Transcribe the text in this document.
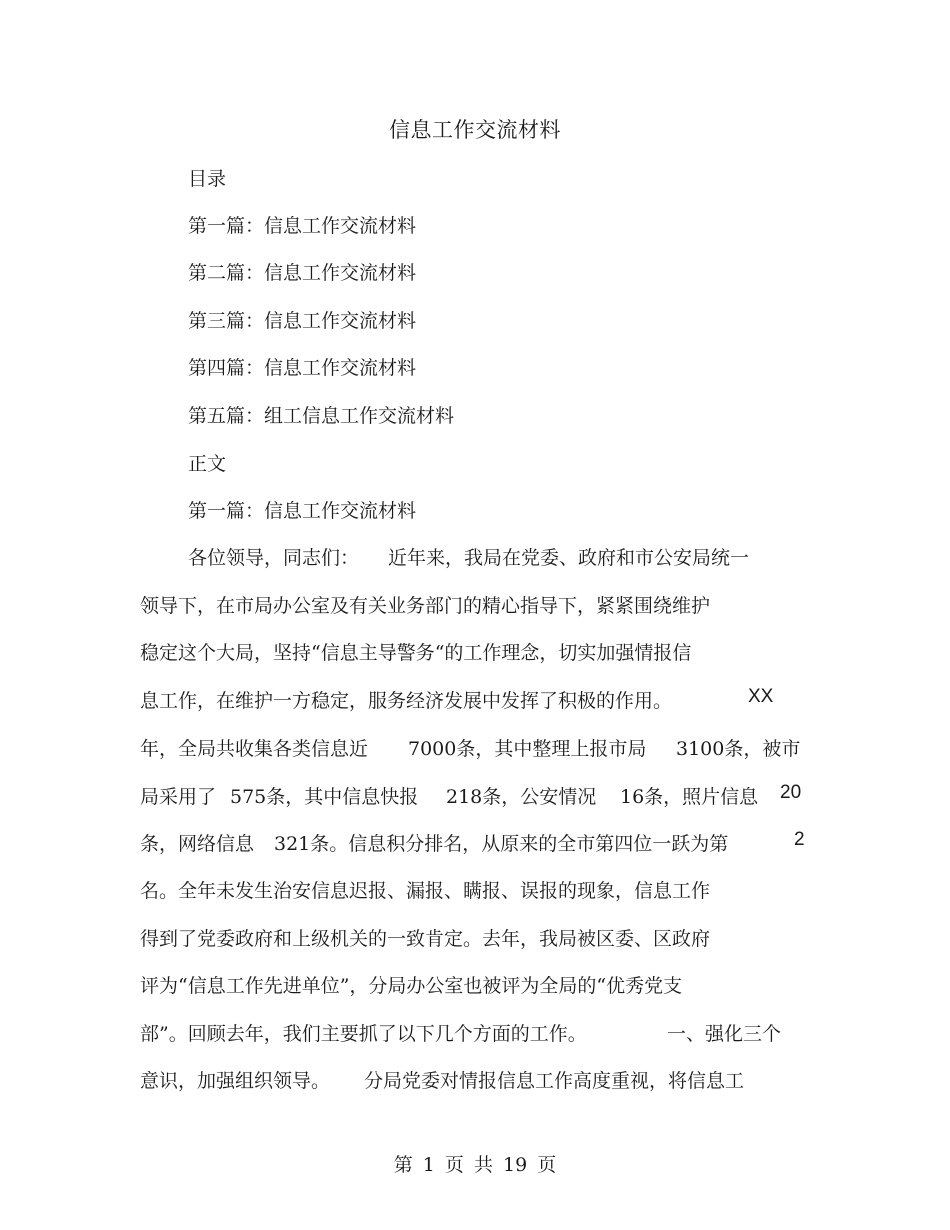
信息工作交流材料
目录
第一篇：信息工作交流材料
第二篇：信息工作交流材料
第三篇：信息工作交流材料
第四篇：信息工作交流材料
第五篇：组工信息工作交流材料
正文
第一篇：信息工作交流材料
各位领导，同志们： 近年来，我局在党委、政府和市公安局统一
领导下，在市局办公室及有关业务部门的精心指导下，紧紧围绕维护
稳定这个大局，坚持“信息主导警务“的工作理念，切实加强情报信
息工作，在维护一方稳定，服务经济发展中发挥了积极的作用。	XX
年，全局共收集各类信息近 7000条，其中整理上报市局 3100条，被市
局采用了 575条，其中信息快报 218条，公安情况 16条，照片信息 20
条，网络信息 321条。信息积分排名，从原来的全市第四位一跃为第	2
名。全年未发生治安信息迟报、漏报、瞒报、误报的现象，信息工作
得到了党委政府和上级机关的一致肯定。去年，我局被区委、区政府
评为“信息工作先进单位”，分局办公室也被评为全局的“优秀党支
部”。回顾去年，我们主要抓了以下几个方面的工作。	一、强化三个
意识，加强组织领导。 分局党委对情报信息工作高度重视，将信息工
第 1 页 共 19 页
